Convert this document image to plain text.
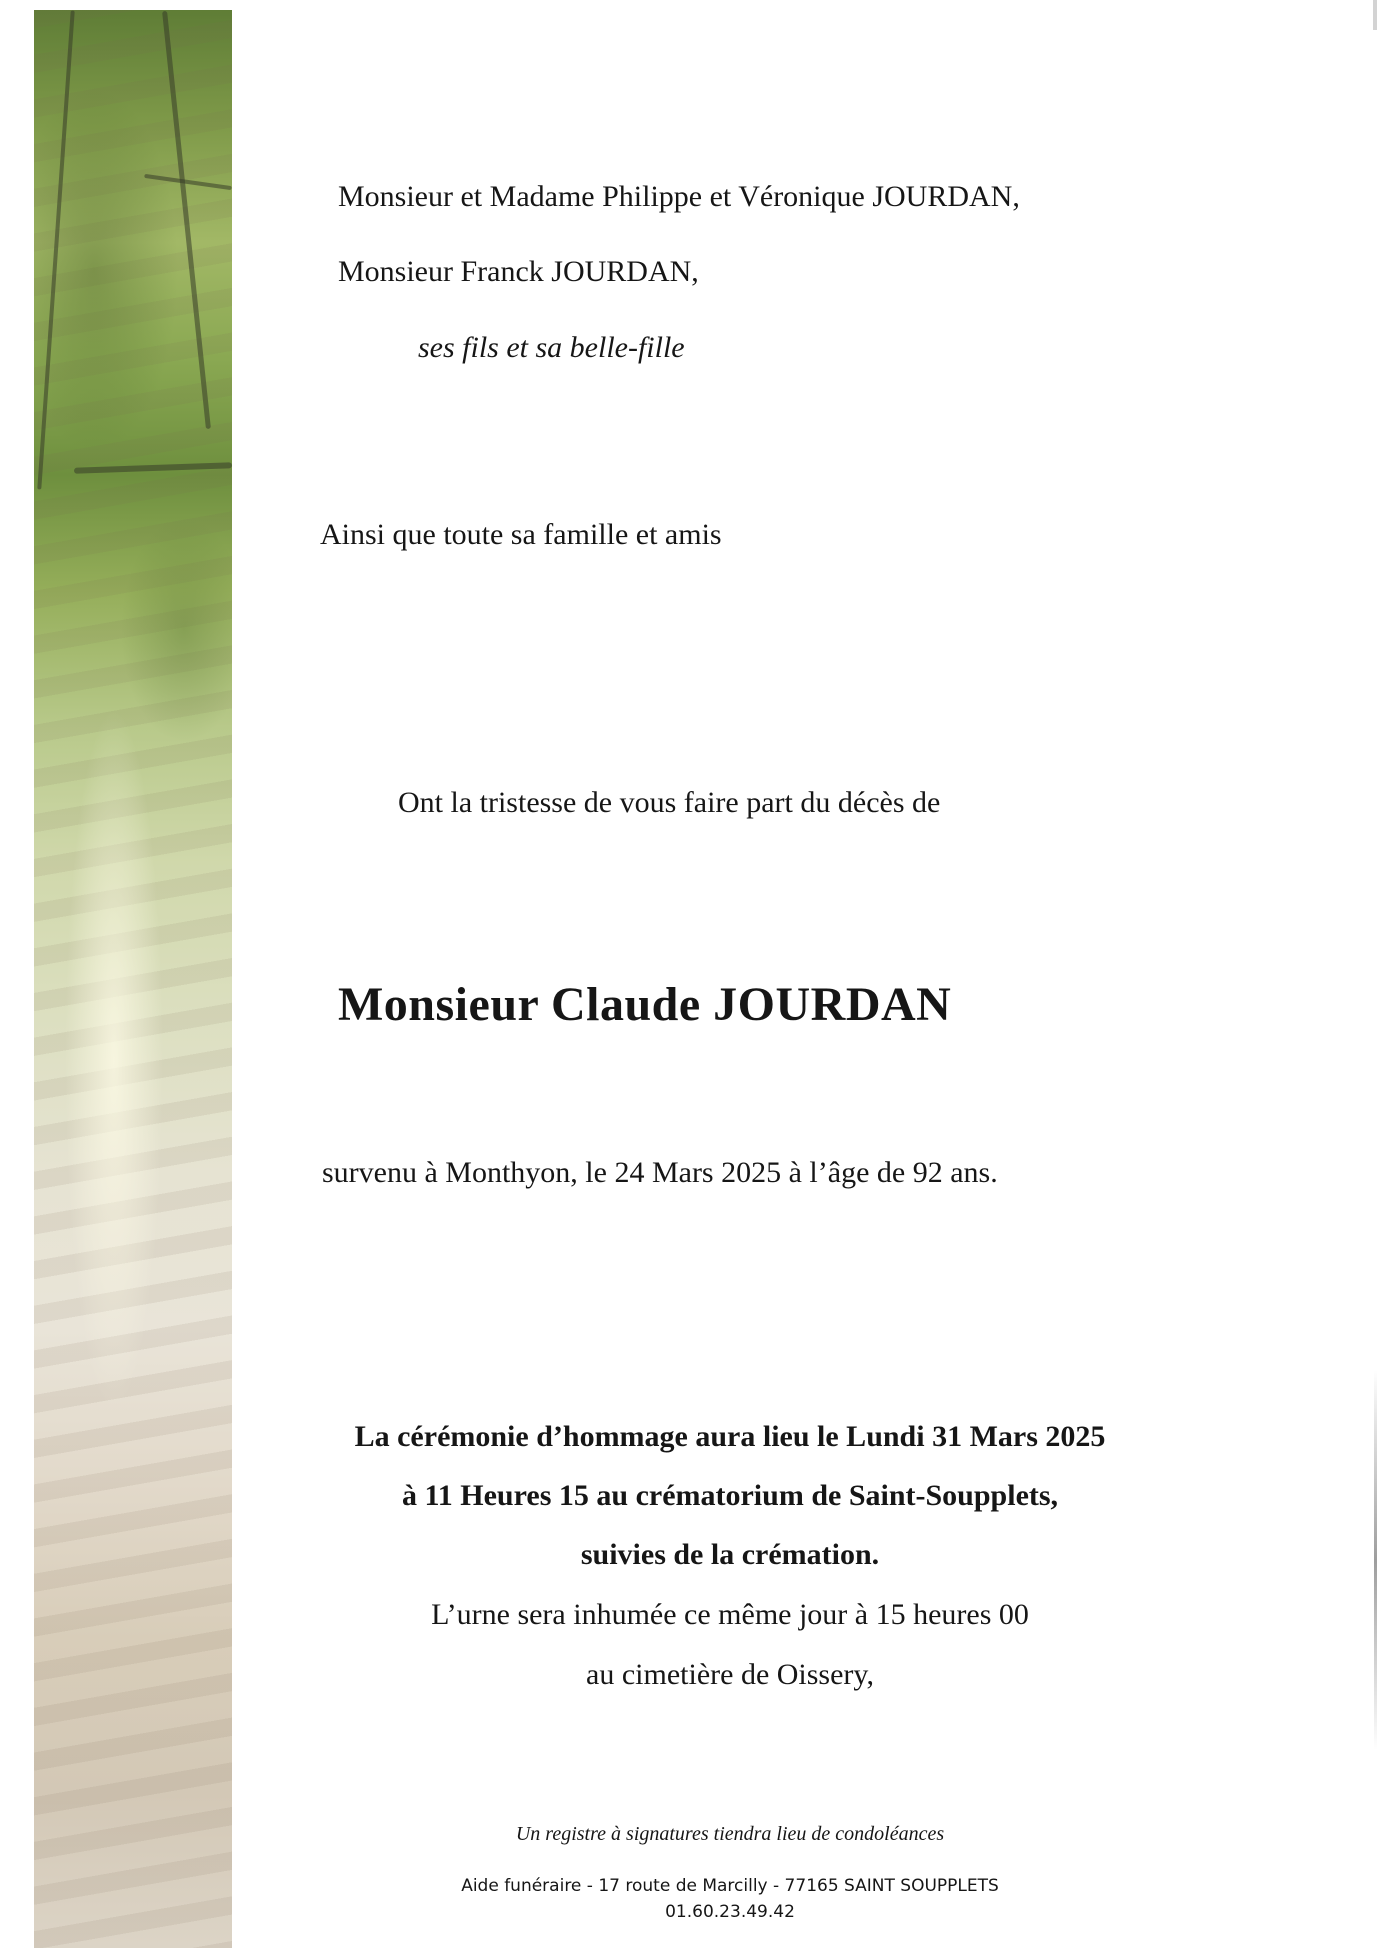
Monsieur et Madame Philippe et Véronique JOURDAN,

Monsieur Franck JOURDAN,

ses fils et sa belle-fille

Ainsi que toute sa famille et amis

Ont la tristesse de vous faire part du décès de

Monsieur Claude JOURDAN

survenu à Monthyon, le 24 Mars 2025 à l’âge de 92 ans.

La cérémonie d’hommage aura lieu le Lundi 31 Mars 2025

à 11 Heures 15 au crématorium de Saint-Soupplets,

suivies de la crémation.

L’urne sera inhumée ce même jour à 15 heures 00

au cimetière de Oissery,

Un registre à signatures tiendra lieu de condoléances

Aide funéraire - 17 route de Marcilly - 77165 SAINT SOUPPLETS

01.60.23.49.42
